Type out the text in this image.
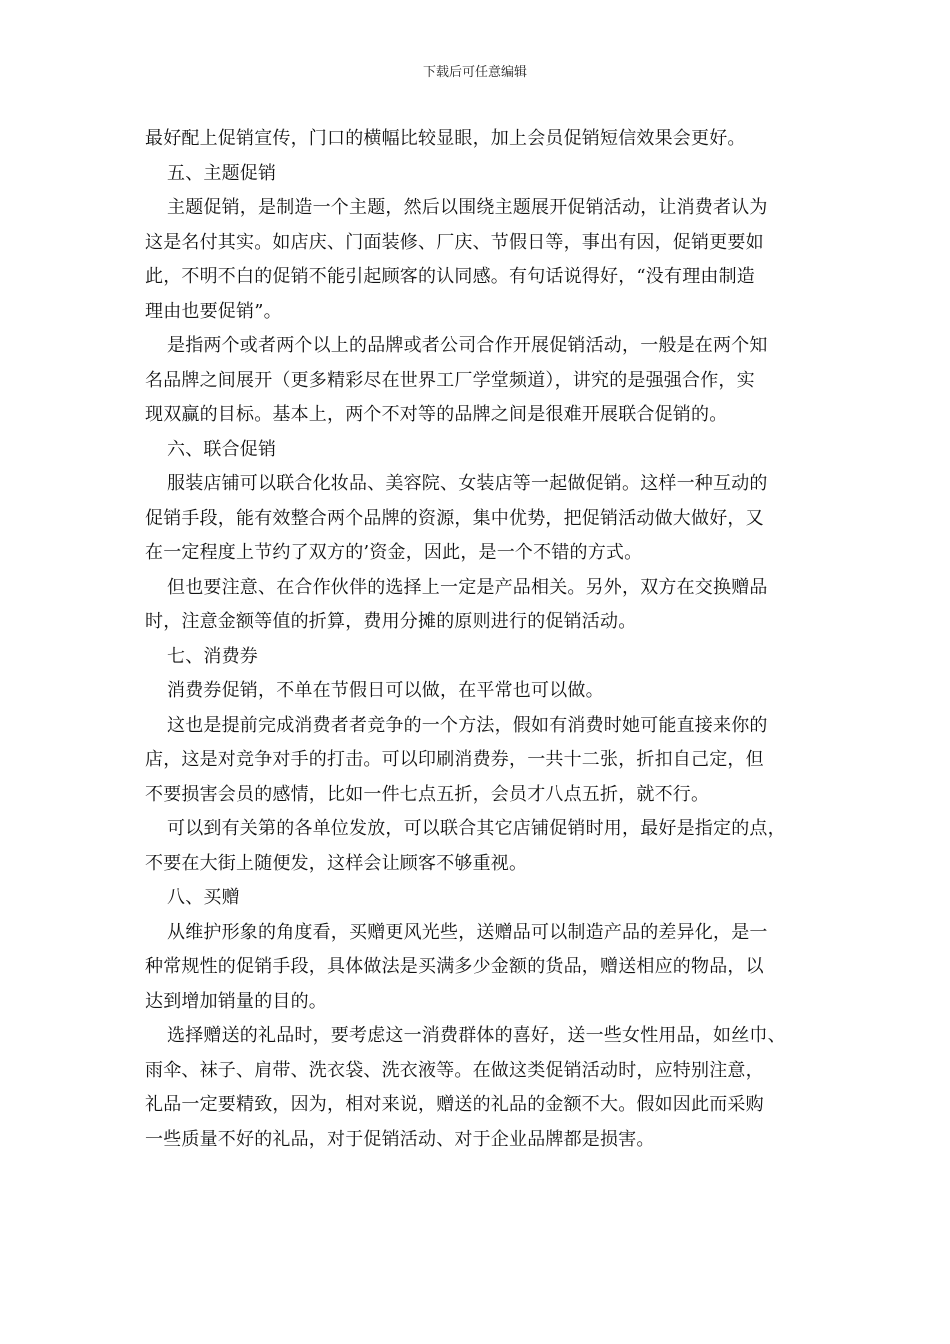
下载后可任意编辑
最好配上促销宣传，门口的横幅比较显眼，加上会员促销短信效果会更好。
五、主题促销
主题促销，是制造一个主题，然后以围绕主题展开促销活动，让消费者认为
这是名付其实。如店庆、门面装修、厂庆、节假日等，事出有因，促销更要如
此，不明不白的促销不能引起顾客的认同感。有句话说得好，“没有理由制造
理由也要促销”。
是指两个或者两个以上的品牌或者公司合作开展促销活动，一般是在两个知
名品牌之间展开（更多精彩尽在世界工厂学堂频道），讲究的是强强合作，实
现双赢的目标。基本上，两个不对等的品牌之间是很难开展联合促销的。
六、联合促销
服装店铺可以联合化妆品、美容院、女装店等一起做促销。这样一种互动的
促销手段，能有效整合两个品牌的资源，集中优势，把促销活动做大做好，又
在一定程度上节约了双方的’资金，因此，是一个不错的方式。
但也要注意、在合作伙伴的选择上一定是产品相关。另外，双方在交换赠品
时，注意金额等值的折算，费用分摊的原则进行的促销活动。
七、消费券
消费券促销，不单在节假日可以做，在平常也可以做。
这也是提前完成消费者者竞争的一个方法，假如有消费时她可能直接来你的
店，这是对竞争对手的打击。可以印刷消费券，一共十二张，折扣自己定，但
不要损害会员的感情，比如一件七点五折，会员才八点五折，就不行。
可以到有关第的各单位发放，可以联合其它店铺促销时用，最好是指定的点，
不要在大街上随便发，这样会让顾客不够重视。
八、买赠
从维护形象的角度看，买赠更风光些，送赠品可以制造产品的差异化，是一
种常规性的促销手段，具体做法是买满多少金额的货品，赠送相应的物品，以
达到增加销量的目的。
选择赠送的礼品时，要考虑这一消费群体的喜好，送一些女性用品，如丝巾、
雨伞、袜子、肩带、洗衣袋、洗衣液等。在做这类促销活动时，应特别注意，
礼品一定要精致，因为，相对来说，赠送的礼品的金额不大。假如因此而采购
一些质量不好的礼品，对于促销活动、对于企业品牌都是损害。
